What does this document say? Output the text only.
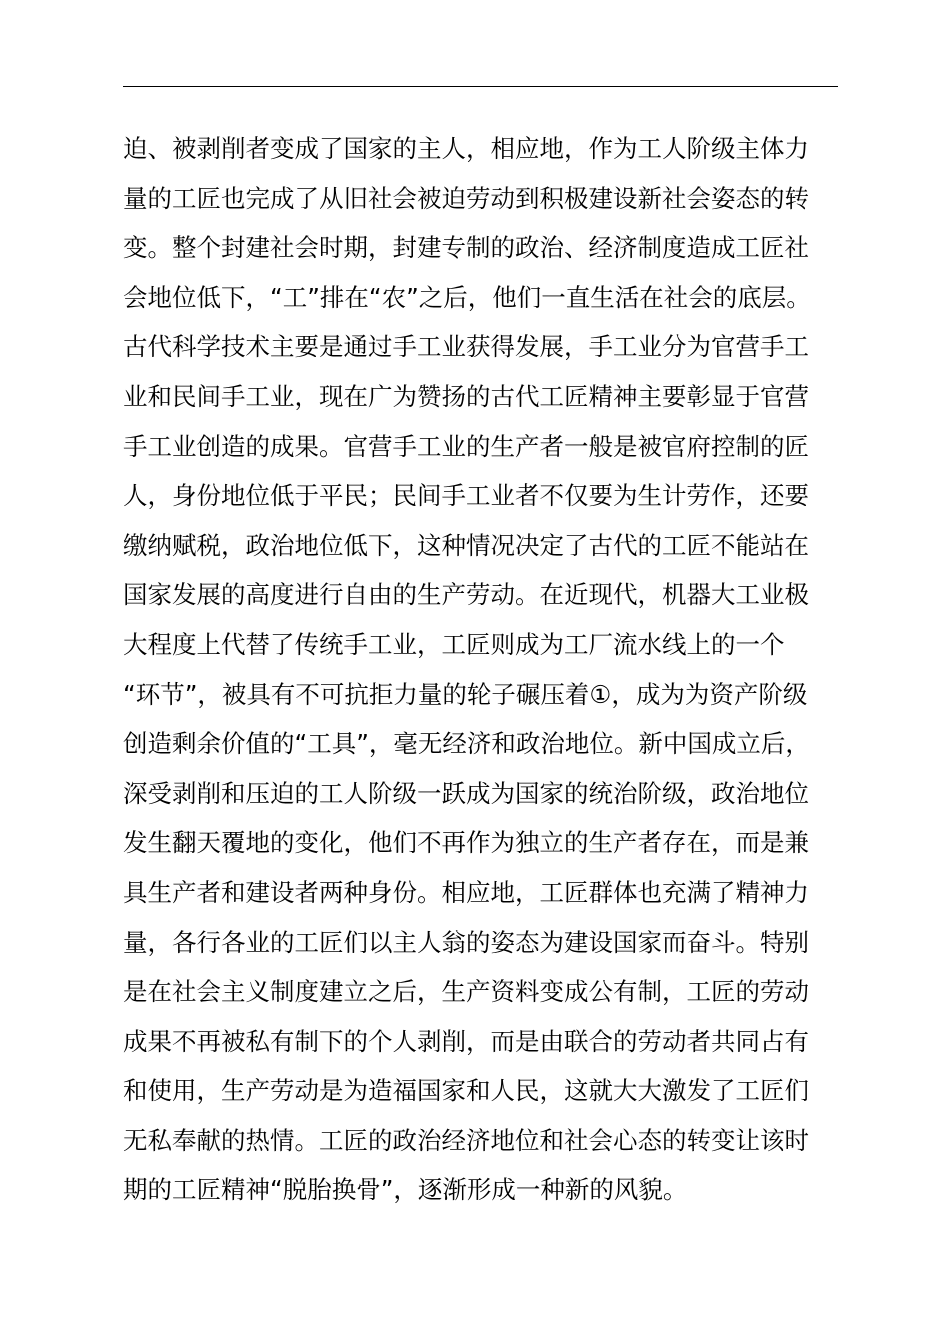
迫、被剥削者变成了国家的主人，相应地，作为工人阶级主体力
量的工匠也完成了从旧社会被迫劳动到积极建设新社会姿态的转
变。整个封建社会时期，封建专制的政治、经济制度造成工匠社
会地位低下，“工”排在“农”之后，他们一直生活在社会的底层。
古代科学技术主要是通过手工业获得发展，手工业分为官营手工
业和民间手工业，现在广为赞扬的古代工匠精神主要彰显于官营
手工业创造的成果。官营手工业的生产者一般是被官府控制的匠
人，身份地位低于平民；民间手工业者不仅要为生计劳作，还要
缴纳赋税，政治地位低下，这种情况决定了古代的工匠不能站在
国家发展的高度进行自由的生产劳动。在近现代，机器大工业极
大程度上代替了传统手工业，工匠则成为工厂流水线上的一个
“环节”，被具有不可抗拒力量的轮子碾压着①，成为为资产阶级
创造剩余价值的“工具”，毫无经济和政治地位。新中国成立后，
深受剥削和压迫的工人阶级一跃成为国家的统治阶级，政治地位
发生翻天覆地的变化，他们不再作为独立的生产者存在，而是兼
具生产者和建设者两种身份。相应地，工匠群体也充满了精神力
量，各行各业的工匠们以主人翁的姿态为建设国家而奋斗。特别
是在社会主义制度建立之后，生产资料变成公有制，工匠的劳动
成果不再被私有制下的个人剥削，而是由联合的劳动者共同占有
和使用，生产劳动是为造福国家和人民，这就大大激发了工匠们
无私奉献的热情。工匠的政治经济地位和社会心态的转变让该时
期的工匠精神“脱胎换骨”，逐渐形成一种新的风貌。
